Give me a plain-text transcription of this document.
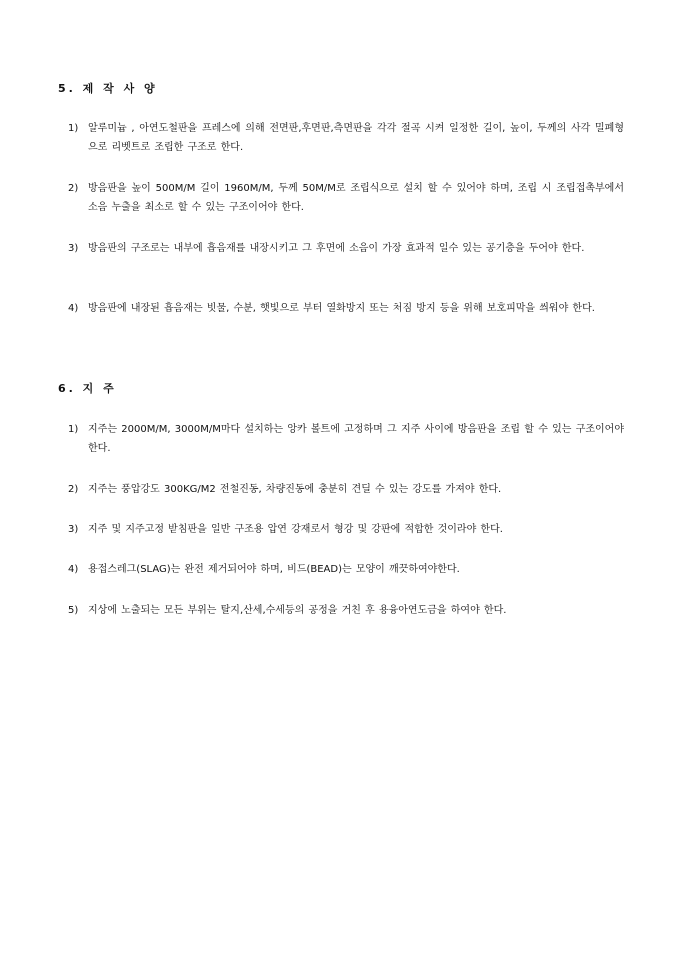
5. 제 작 사 양
1) 알루미늄 , 아연도철판을 프레스에 의해 전면판,후면판,측면판을 각각 절곡 시켜 일정한 길이, 높이, 두께의 사각 밀폐형으로 리벳트로 조립한 구조로 한다.
2) 방음판을 높이 500M/M 길이 1960M/M, 두께 50M/M로 조립식으로 설치 할 수 있어야 하며, 조립 시 조립접촉부에서 소음 누출을 최소로 할 수 있는 구조이어야 한다.
3) 방음판의 구조로는 내부에 흡음재를 내장시키고 그 후면에 소음이 가장 효과적 일수 있는 공기층을 두어야 한다.
4) 방음판에 내장된 흡음재는 빗물, 수분, 햇빛으로 부터 열화방지 또는 처짐 방지 등을 위해 보호피막을 씌워야 한다.
6. 지 주
1) 지주는 2000M/M, 3000M/M마다 설치하는 앙카 볼트에 고정하며 그 지주 사이에 방음판을 조립 할 수 있는 구조이어야 한다.
2) 지주는 풍압강도 300KG/M2 전철진동, 차량진동에 충분히 견딜 수 있는 강도를 가져야 한다.
3) 지주 및 지주고정 받침판을 일반 구조용 압연 강재로서 형강 및 강판에 적합한 것이라야 한다.
4) 용접스레그(SLAG)는 완전 제거되어야 하며, 비드(BEAD)는 모양이 깨끗하여야한다.
5) 지상에 노출되는 모든 부위는 탈지,산세,수세등의 공정을 거친 후 용융아연도금을 하여야 한다.
